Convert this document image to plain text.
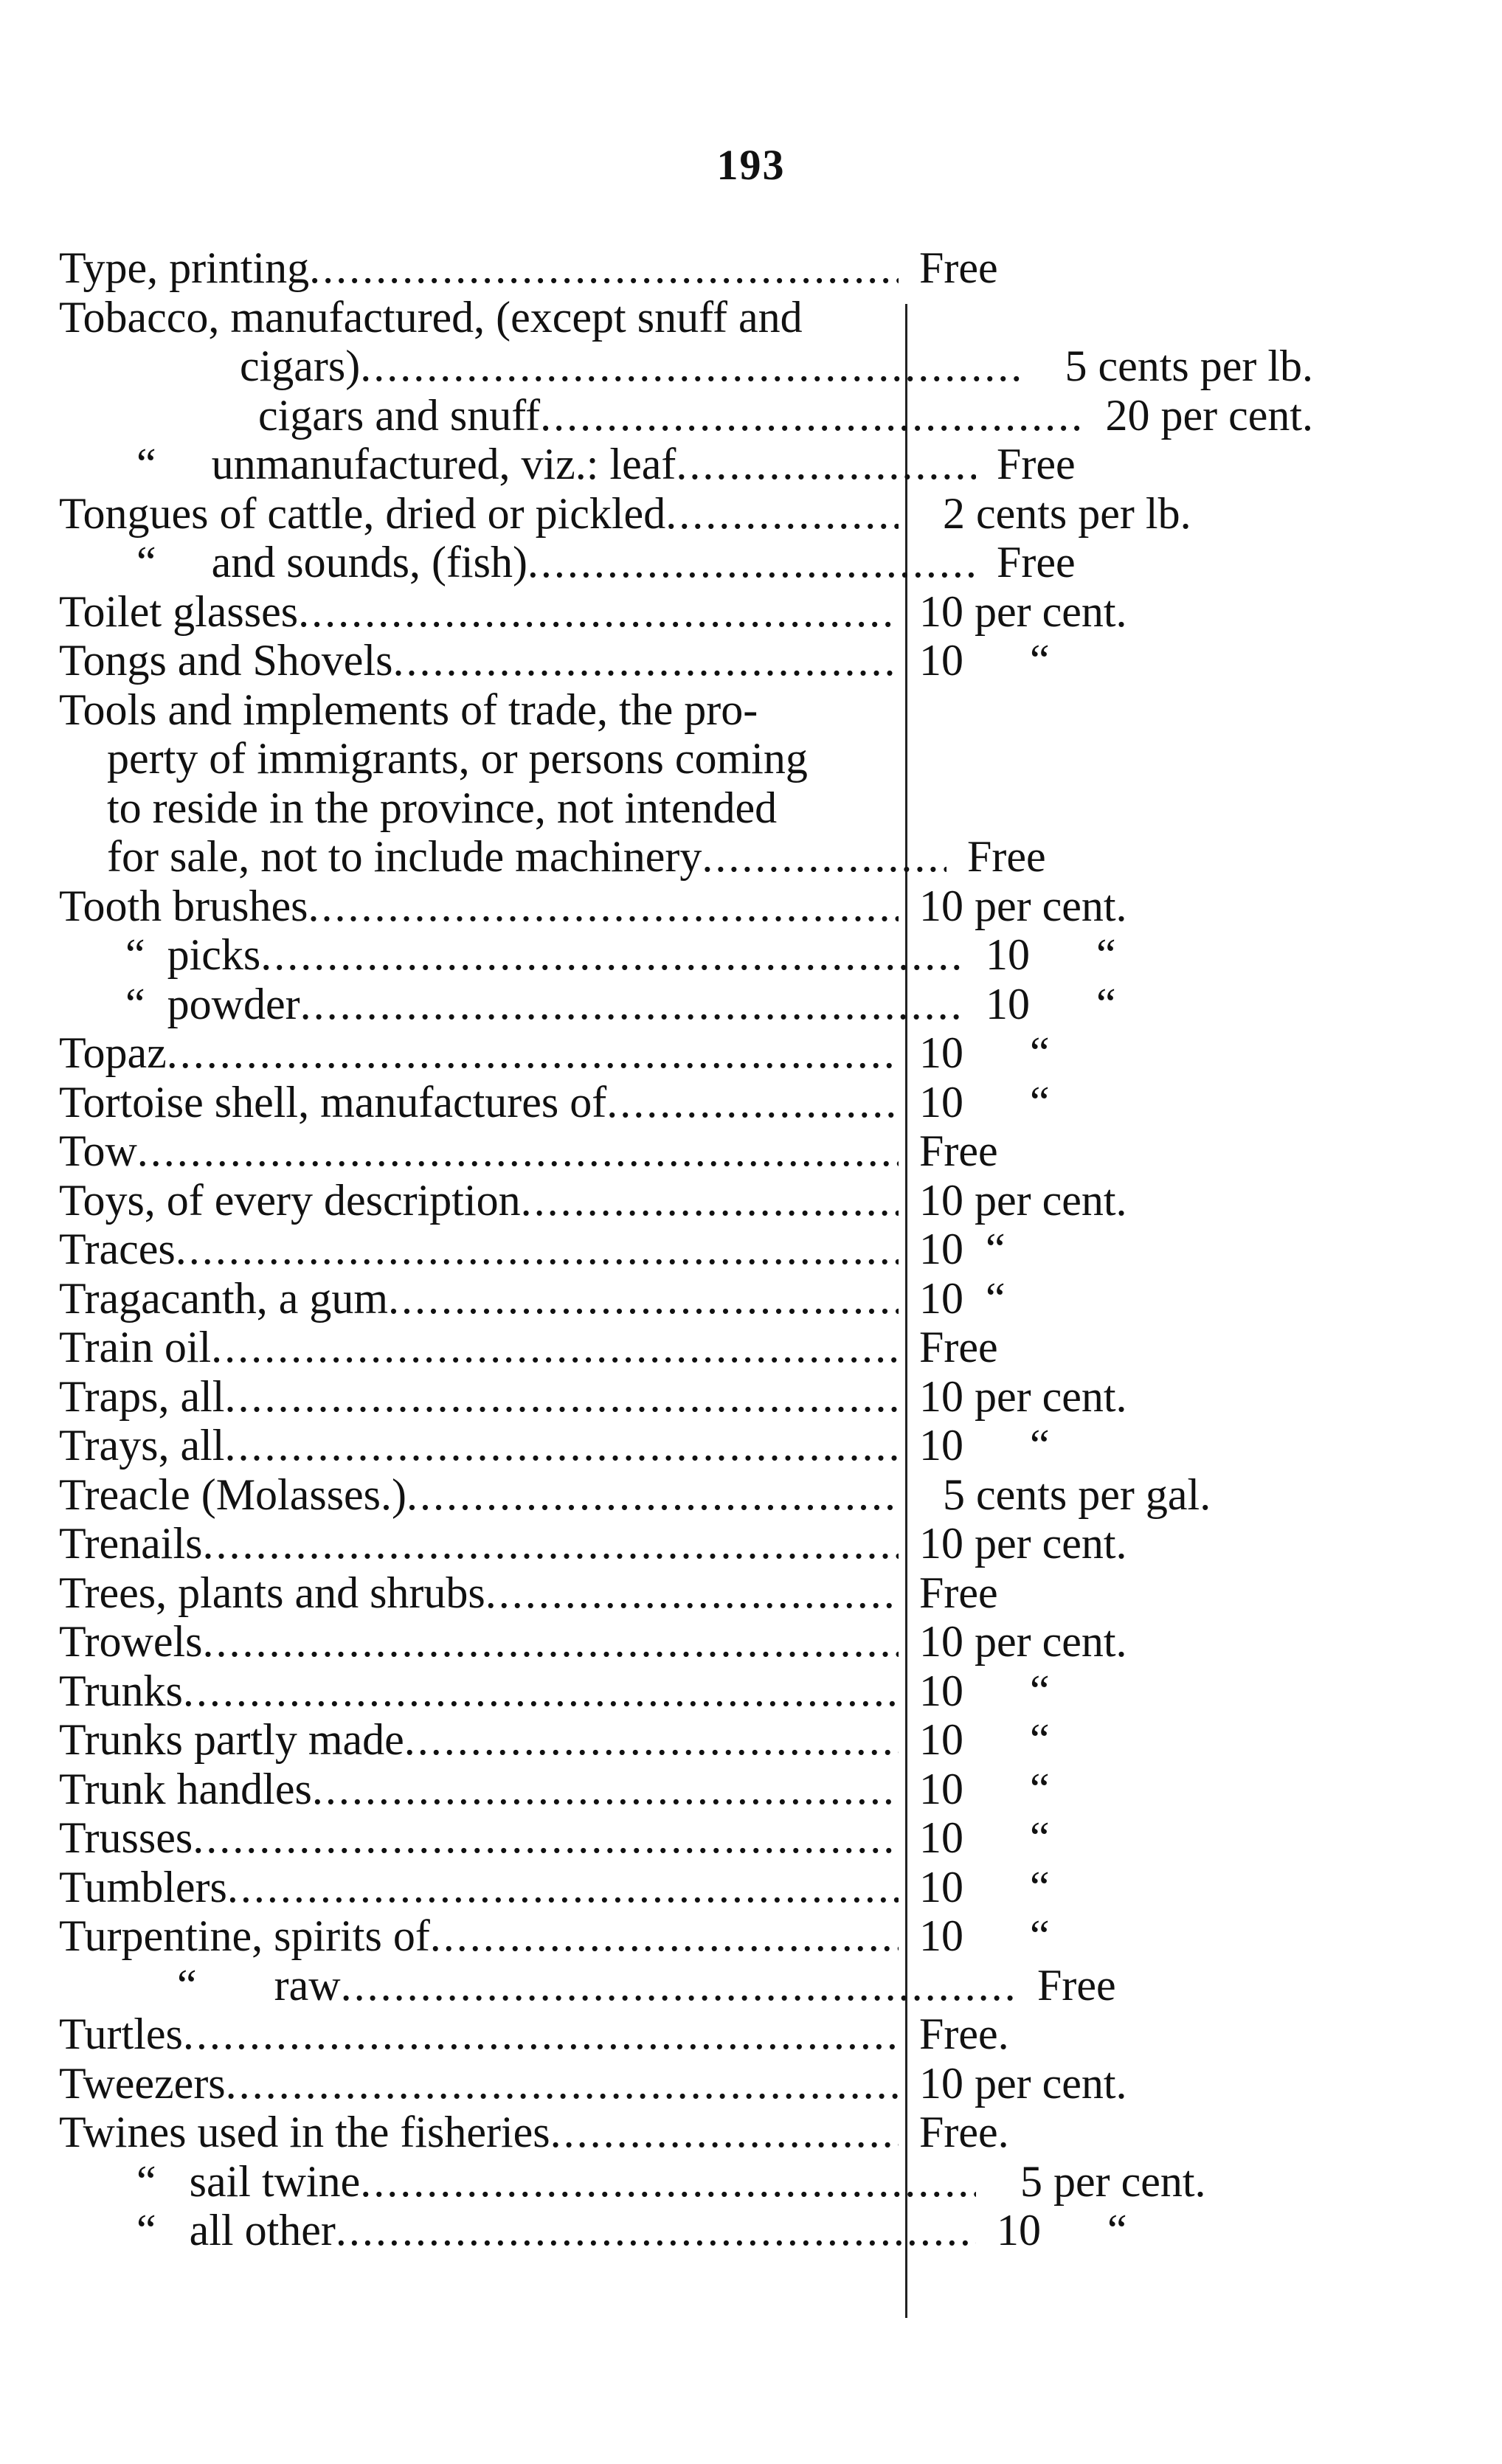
193
Type, printing .....	Free
Tobacco, manufactured, (except snuff and
cigars) .....	5 cents per lb.
cigars and snuff .....	20 per cent.
“     unmanufactured, viz.: leaf .....	Free
Tongues of cattle, dried or pickled .....	2 cents per lb.
“     and sounds, (fish) .....	Free
Toilet glasses .....	10 per cent.
Tongs and Shovels .....	10      “
Tools and implements of trade, the pro-
perty of immigrants, or persons coming
to reside in the province, not intended
for sale, not to include machinery .....	Free
Tooth brushes .....	10 per cent.
“  picks .....	10      “
“  powder .....	10      “
Topaz .....	10      “
Tortoise shell, manufactures of .....	10      “
Tow .....	Free
Toys, of every description .....	10 per cent.
Traces .....	10  “
Tragacanth, a gum .....	10  “
Train oil .....	Free
Traps, all .....	10 per cent.
Trays, all .....	10      “
Treacle (Molasses.) .....	5 cents per gal.
Trenails .....	10 per cent.
Trees, plants and shrubs .....	Free
Trowels .....	10 per cent.
Trunks .....	10      “
Trunks partly made .....	10      “
Trunk handles .....	10      “
Trusses .....	10      “
Tumblers .....	10      “
Turpentine, spirits of .....	10      “
“       raw .....	Free
Turtles .....	Free.
Tweezers .....	10 per cent.
Twines used in the fisheries .....	Free.
“   sail twine .....	5 per cent.
“   all other .....	10      “
